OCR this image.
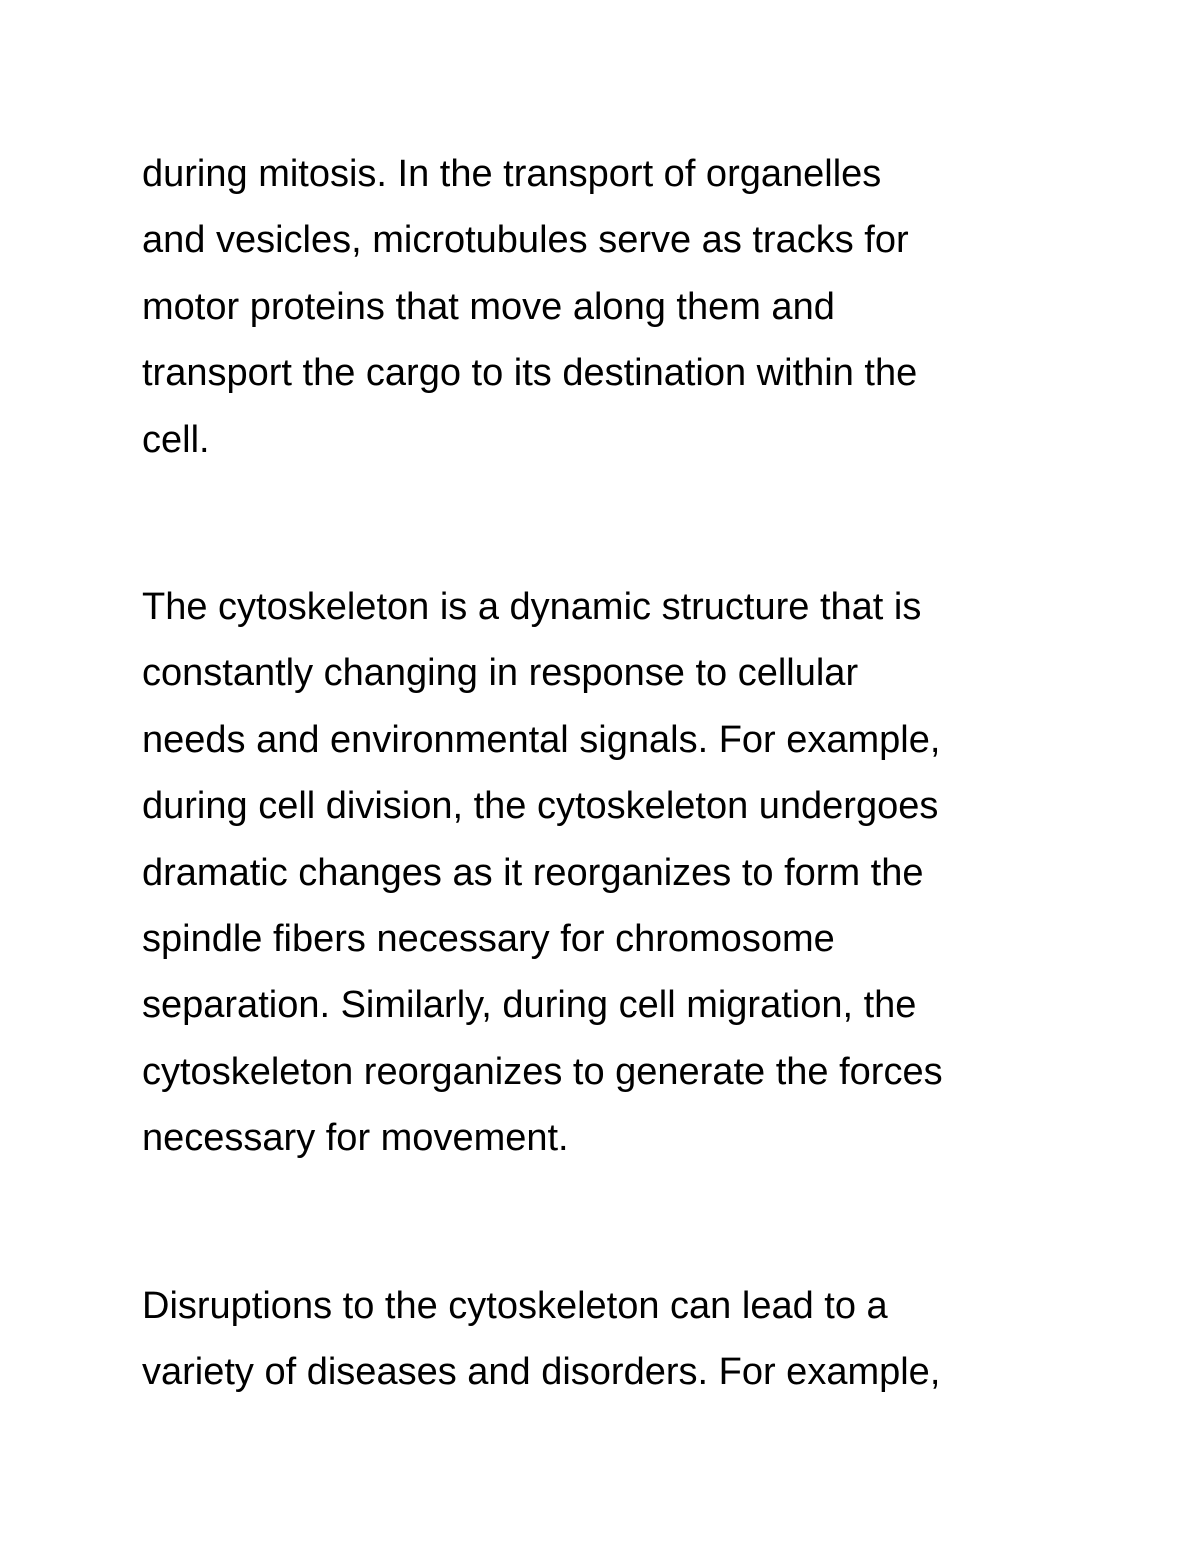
during mitosis. In the transport of organelles
and vesicles, microtubules serve as tracks for
motor proteins that move along them and
transport the cargo to its destination within the
cell.

The cytoskeleton is a dynamic structure that is
constantly changing in response to cellular
needs and environmental signals. For example,
during cell division, the cytoskeleton undergoes
dramatic changes as it reorganizes to form the
spindle fibers necessary for chromosome
separation. Similarly, during cell migration, the
cytoskeleton reorganizes to generate the forces
necessary for movement.

Disruptions to the cytoskeleton can lead to a
variety of diseases and disorders. For example,
